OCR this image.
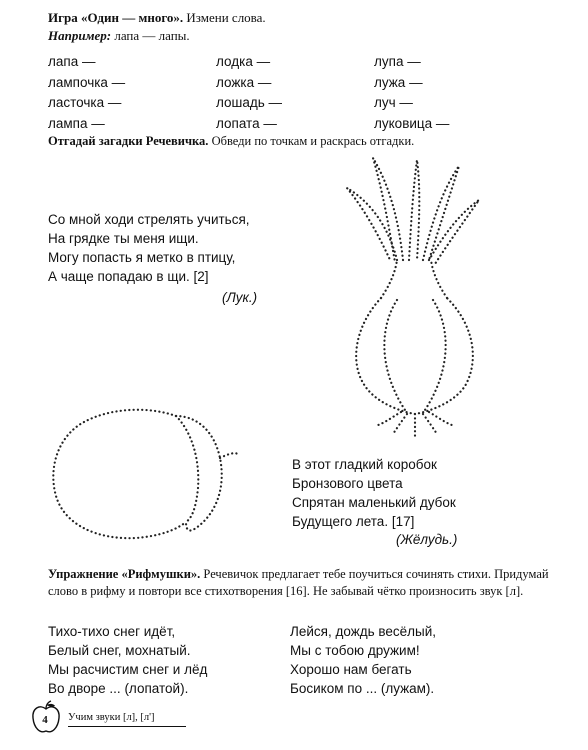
Игра «Один — много». Измени слова.
Например: лапа — лапы.
лапа —
лампочка —
ласточка —
лампа —
лодка —
ложка —
лошадь —
лопата —
лупа —
лужа —
луч —
луковица —
Отгадай загадки Речевичка. Обведи по точкам и раскрась отгадки.
Со мной ходи стрелять учиться,
На грядке ты меня ищи.
Могу попасть я метко в птицу,
А чаще попадаю в щи. [2]
(Лук.)
В этот гладкий коробок
Бронзового цвета
Спрятан маленький дубок
Будущего лета. [17]
(Жёлудь.)
Упражнение «Рифмушки». Речевичок предлагает тебе поучиться сочинять стихи. Придумай слово в рифму и повтори все стихотворения [16]. Не забывай чётко произносить звук [л].
Тихо-тихо снег идёт,
Белый снег, мохнатый.
Мы расчистим снег и лёд
Во дворе ... (лопатой).
Лейся, дождь весёлый,
Мы с тобою дружим!
Хорошо нам бегать
Босиком по ... (лужам).
4	Учим звуки [л], [л']
